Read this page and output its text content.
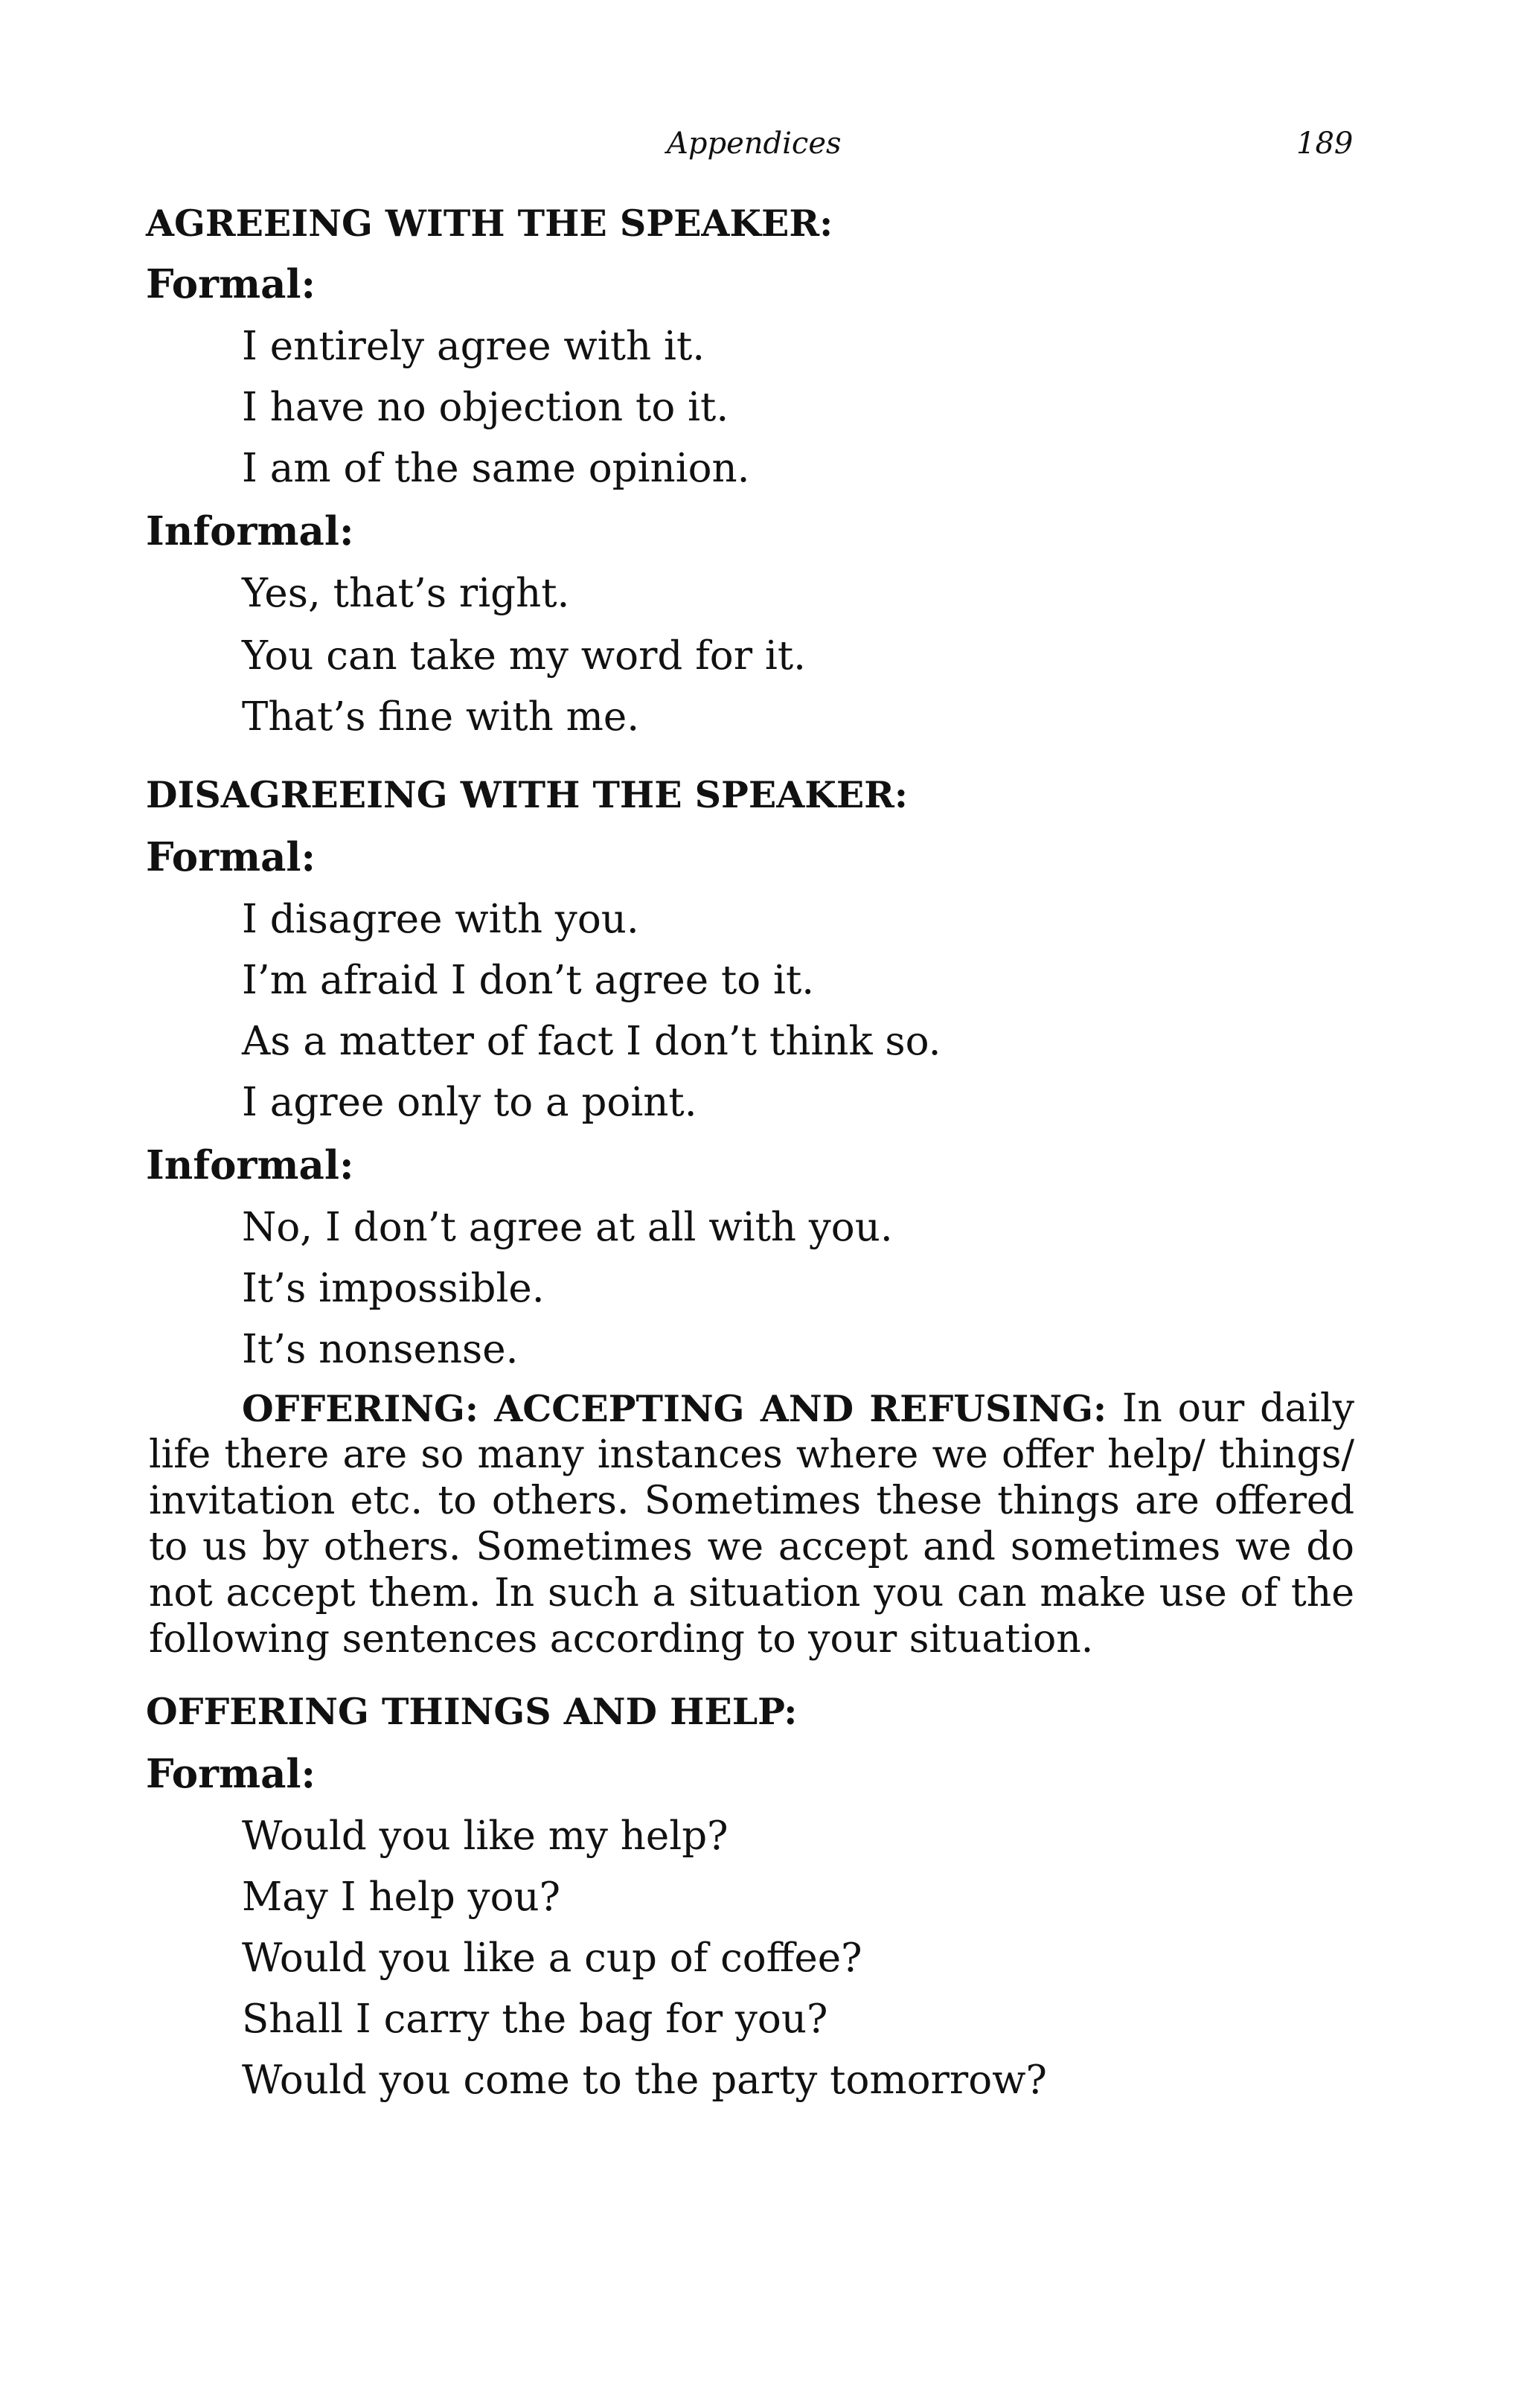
Appendices	189
AGREEING WITH THE SPEAKER:
Formal:
I entirely agree with it.
I have no objection to it.
I am of the same opinion.
Informal:
Yes, that’s right.
You can take my word for it.
That’s fine with me.
DISAGREEING WITH THE SPEAKER:
Formal:
I disagree with you.
I’m afraid I don’t agree to it.
As a matter of fact I don’t think so.
I agree only to a point.
Informal:
No, I don’t agree at all with you.
It’s impossible.
It’s nonsense.
OFFERING: ACCEPTING AND REFUSING: In our daily life there are so many instances where we offer help/ things/ invitation etc. to others. Sometimes these things are offered to us by others. Sometimes we accept and sometimes we do not accept them. In such a situation you can make use of the following sentences according to your situation.
OFFERING THINGS AND HELP:
Formal:
Would you like my help?
May I help you?
Would you like a cup of coffee?
Shall I carry the bag for you?
Would you come to the party tomorrow?
